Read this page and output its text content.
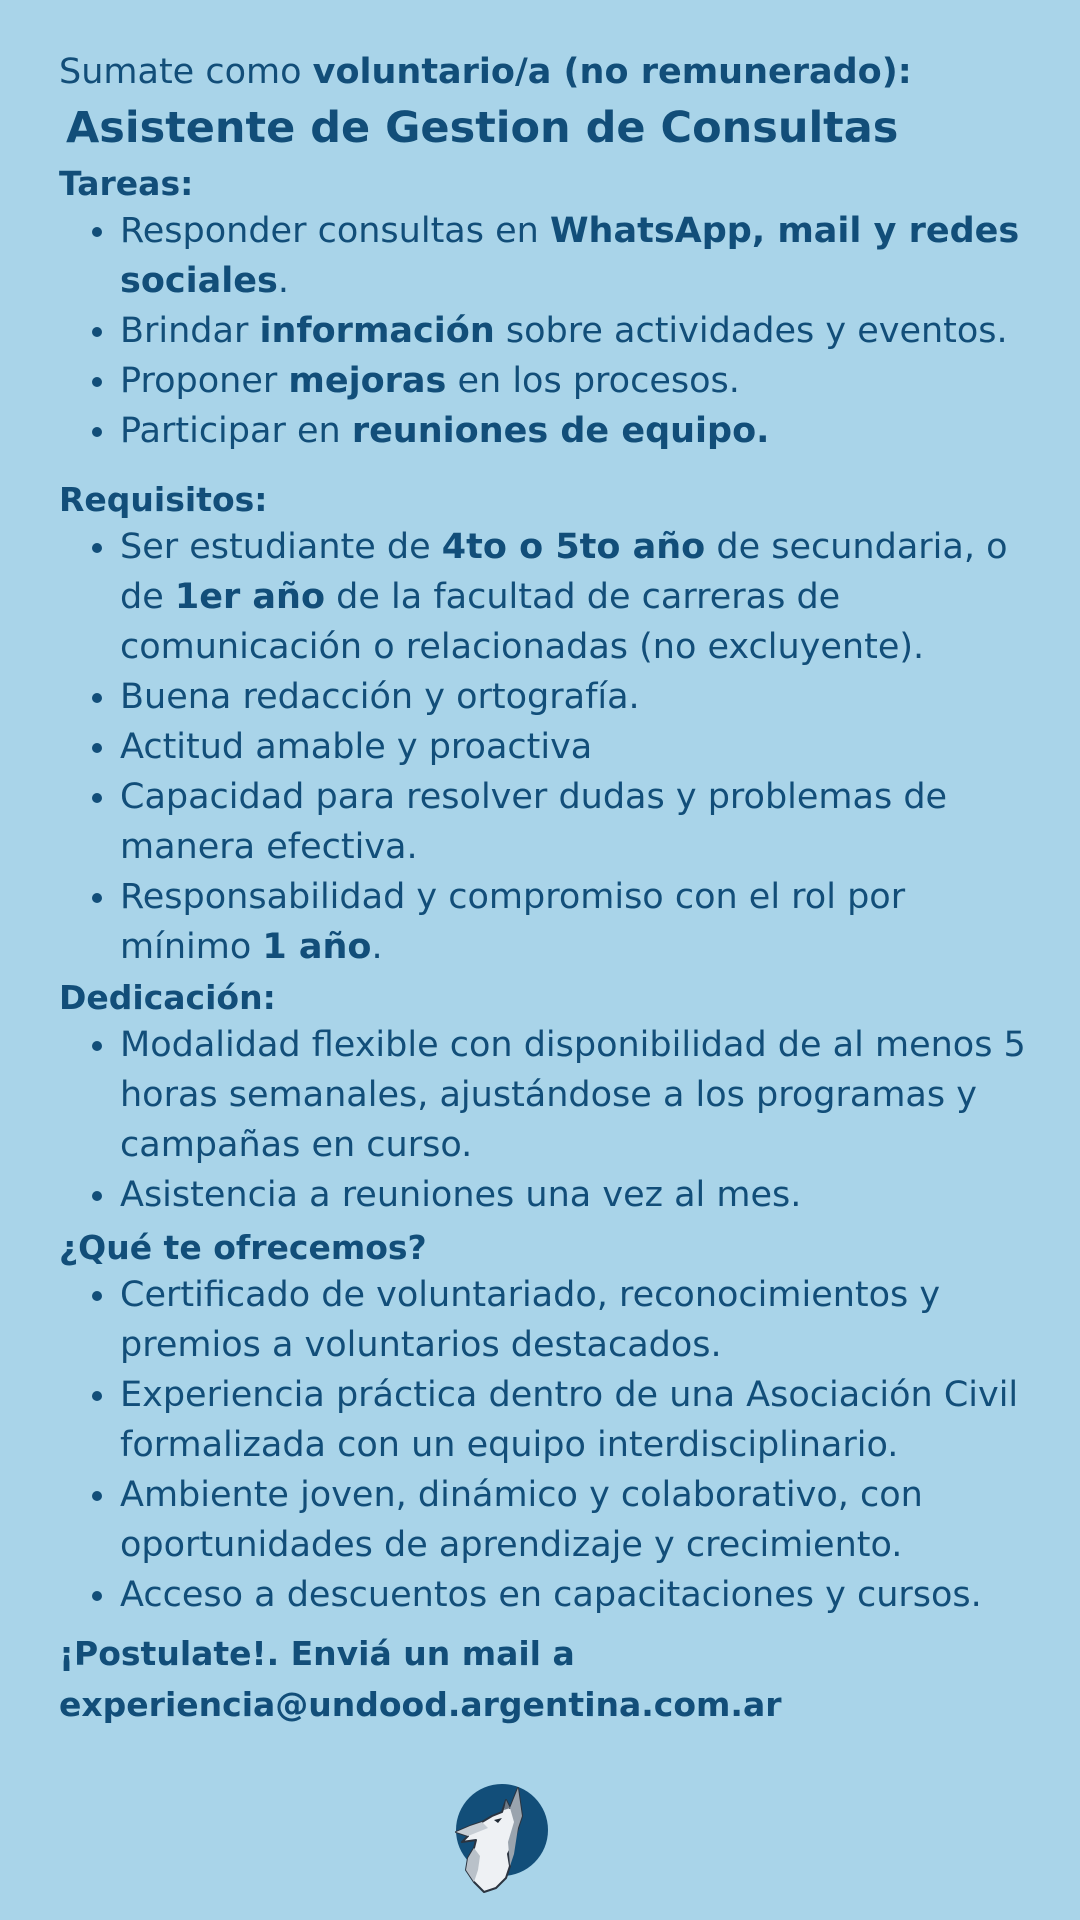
Sumate como voluntario/a (no remunerado):

Asistente de Gestion de Consultas
Tareas:
Responder consultas en WhatsApp, mail y redes sociales.
Brindar información sobre actividades y eventos.
Proponer mejoras en los procesos.
Participar en reuniones de equipo.
Requisitos:
Ser estudiante de 4to o 5to año de secundaria, o de 1er año de la facultad de carreras de comunicación o relacionadas (no excluyente).
Buena redacción y ortografía.
Actitud amable y proactiva
Capacidad para resolver dudas y problemas de manera efectiva.
Responsabilidad y compromiso con el rol por mínimo 1 año.
Dedicación:
Modalidad flexible con disponibilidad de al menos 5 horas semanales, ajustándose a los programas y campañas en curso.
Asistencia a reuniones una vez al mes.
¿Qué te ofrecemos?
Certificado de voluntariado, reconocimientos y premios a voluntarios destacados.
Experiencia práctica dentro de una Asociación Civil formalizada con un equipo interdisciplinario.
Ambiente joven, dinámico y colaborativo, con oportunidades de aprendizaje y crecimiento.
Acceso a descuentos en capacitaciones y cursos.
¡Postulate!. Enviá un mail a
experiencia@undood.argentina.com.ar
